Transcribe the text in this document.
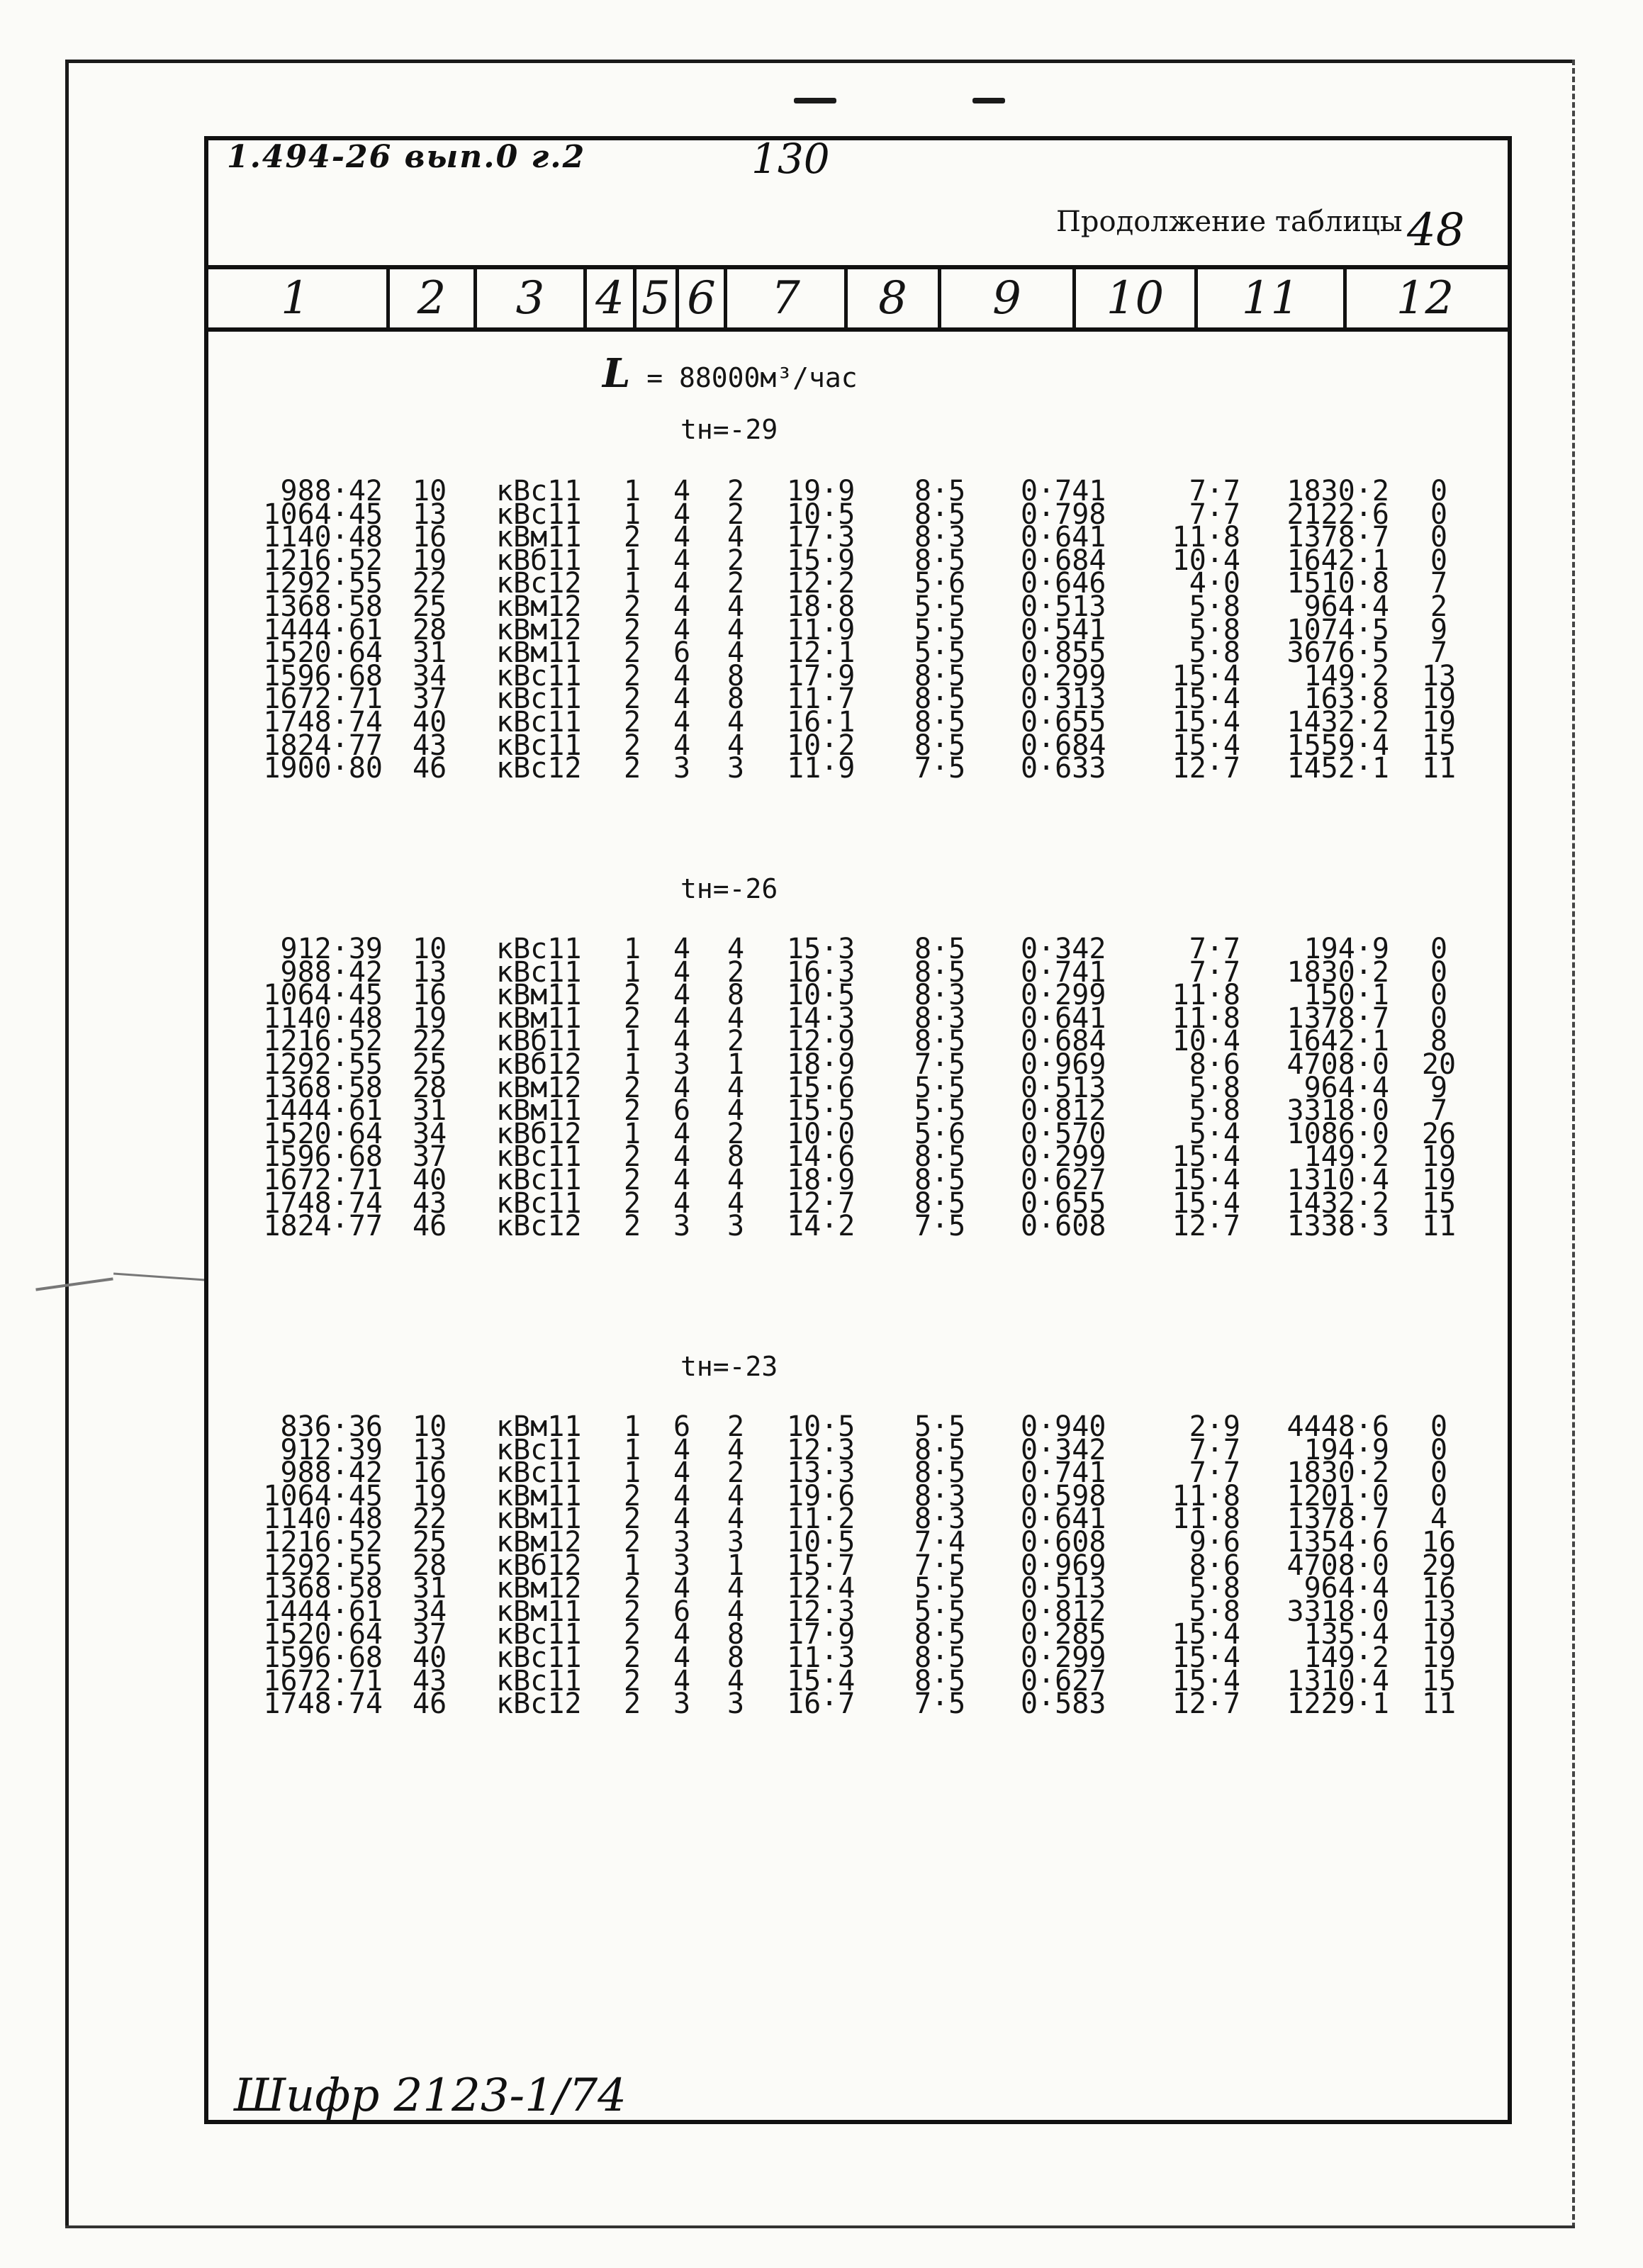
1.494-26 вып.0 г.2	130
Продолжение таблицы 48
1	2	3	4 5 6	7	8	9	10	11	12
L = 88000м³/час
tн=-29
tн=-26
tн=-23
988·42 10	кВс11	1 4 2 19·9	8·5	0·741	7·7	1830·2	0
1064·45 13	кВс11	1 4 2 10·5	8·5	0·798	7·7	2122·6	0
1140·48 16	кВм11	2 4 4 17·3	8·3	0·641	11·8	1378·7	0
1216·52 19	кВб11	1 4 2 15·9	8·5	0·684	10·4	1642·1	0
1292·55 22	кВс12	1 4 2 12·2	5·6	0·646	4·0	1510·8	7
1368·58 25	кВм12	2 4 4 18·8	5·5	0·513	5·8	964·4	2
1444·61 28	кВм12	2 4 4 11·9	5·5	0·541	5·8	1074·5	9
1520·64 31	кВм11	2 6 4 12·1	5·5	0·855	5·8	3676·5	7
1596·68 34	кВс11	2 4 8 17·9	8·5	0·299	15·4	149·2	13
1672·71 37	кВс11	2 4 8 11·7	8·5	0·313	15·4	163·8	19
1748·74 40	кВс11	2 4 4 16·1	8·5	0·655	15·4	1432·2	19
1824·77 43	кВс11	2 4 4 10·2	8·5	0·684	15·4	1559·4	15
1900·80 46	кВс12	2 3 3 11·9	7·5	0·633	12·7	1452·1	11
912·39 10	кВс11	1 4 4 15·3	8·5	0·342	7·7	194·9	0
988·42 13	кВс11	1 4 2 16·3	8·5	0·741	7·7	1830·2	0
1064·45 16	кВм11	2 4 8 10·5	8·3	0·299	11·8	150·1	0
1140·48 19	кВм11	2 4 4 14·3	8·3	0·641	11·8	1378·7	0
1216·52 22	кВб11	1 4 2 12·9	8·5	0·684	10·4	1642·1	8
1292·55 25	кВб12	1 3 1 18·9	7·5	0·969	8·6	4708·0	20
1368·58 28	кВм12	2 4 4 15·6	5·5	0·513	5·8	964·4	9
1444·61 31	кВм11	2 6 4 15·5	5·5	0·812	5·8	3318·0	7
1520·64 34	кВб12	1 4 2 10·0	5·6	0·570	5·4	1086·0	26
1596·68 37	кВс11	2 4 8 14·6	8·5	0·299	15·4	149·2	19
1672·71 40	кВс11	2 4 4 18·9	8·5	0·627	15·4	1310·4	19
1748·74 43	кВс11	2 4 4 12·7	8·5	0·655	15·4	1432·2	15
1824·77 46	кВс12	2 3 3 14·2	7·5	0·608	12·7	1338·3	11
836·36 10	кВм11	1 6 2 10·5	5·5	0·940	2·9	4448·6	0
912·39 13	кВс11	1 4 4 12·3	8·5	0·342	7·7	194·9	0
988·42 16	кВс11	1 4 2 13·3	8·5	0·741	7·7	1830·2	0
1064·45 19	кВм11	2 4 4 19·6	8·3	0·598	11·8	1201·0	0
1140·48 22	кВм11	2 4 4 11·2	8·3	0·641	11·8	1378·7	4
1216·52 25	кВм12	2 3 3 10·5	7·4	0·608	9·6	1354·6	16
1292·55 28	кВб12	1 3 1 15·7	7·5	0·969	8·6	4708·0	29
1368·58 31	кВм12	2 4 4 12·4	5·5	0·513	5·8	964·4	16
1444·61 34	кВм11	2 6 4 12·3	5·5	0·812	5·8	3318·0	13
1520·64 37	кВс11	2 4 8 17·9	8·5	0·285	15·4	135·4	19
1596·68 40	кВс11	2 4 8 11·3	8·5	0·299	15·4	149·2	19
1672·71 43	кВс11	2 4 4 15·4	8·5	0·627	15·4	1310·4	15
1748·74 46	кВс12	2 3 3 16·7	7·5	0·583	12·7	1229·1	11
Шифр 2123-1/74
